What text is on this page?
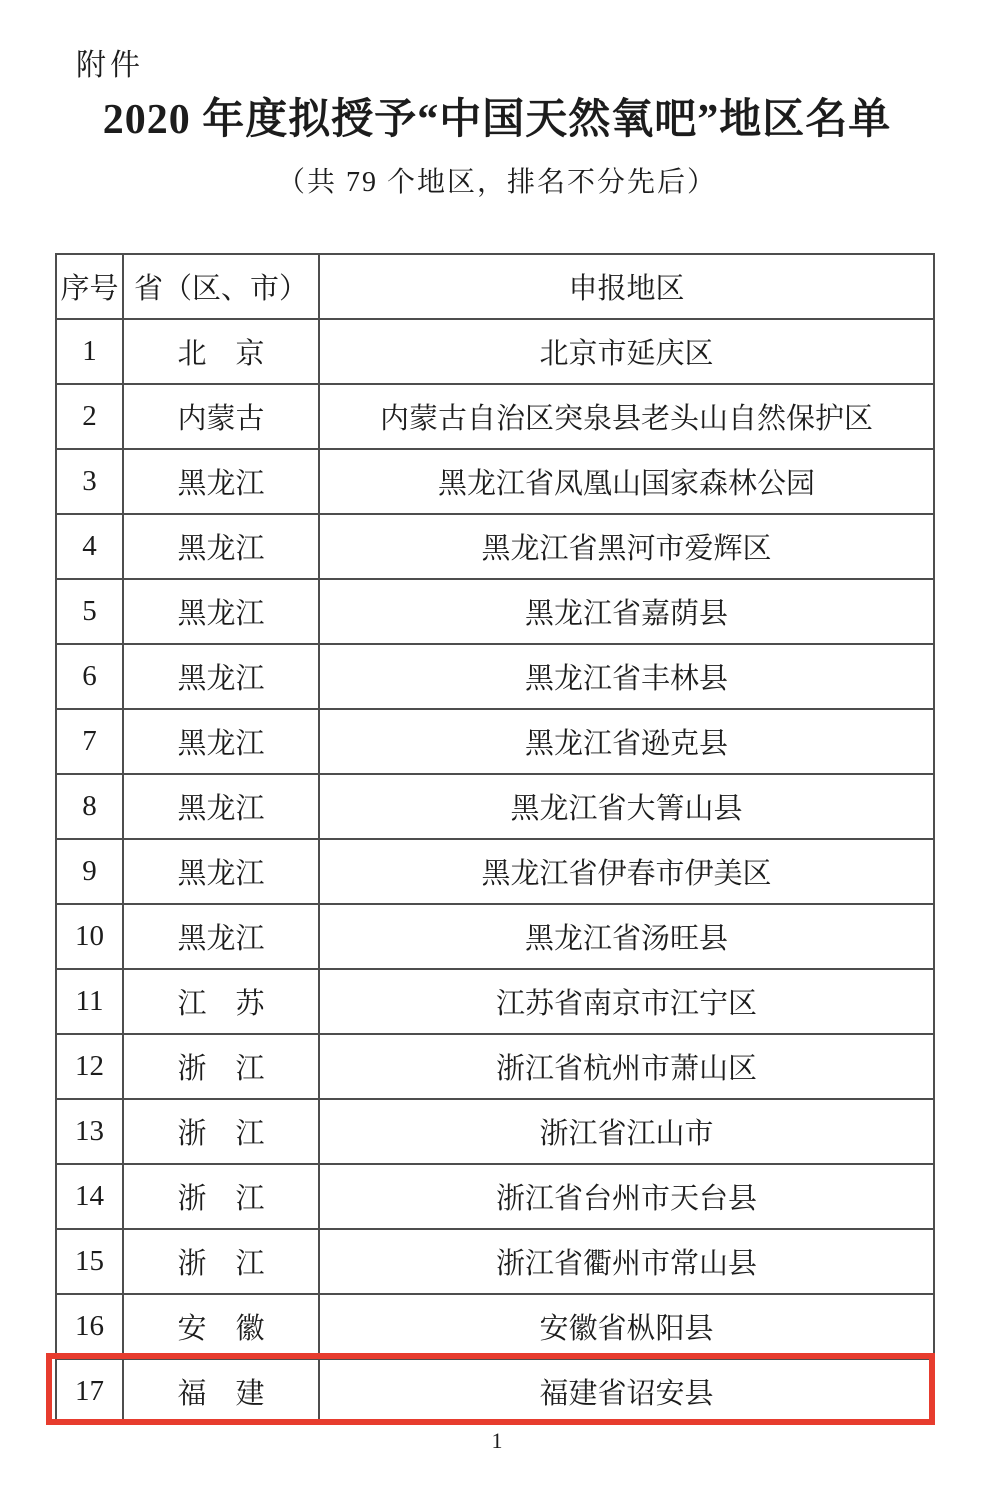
附件
2020 年度拟授予“中国天然氧吧”地区名单
（共 79 个地区，排名不分先后）
序号	省（区、市）	申报地区
1	北　京	北京市延庆区
2	内蒙古	内蒙古自治区突泉县老头山自然保护区
3	黑龙江	黑龙江省凤凰山国家森林公园
4	黑龙江	黑龙江省黑河市爱辉区
5	黑龙江	黑龙江省嘉荫县
6	黑龙江	黑龙江省丰林县
7	黑龙江	黑龙江省逊克县
8	黑龙江	黑龙江省大箐山县
9	黑龙江	黑龙江省伊春市伊美区
10	黑龙江	黑龙江省汤旺县
11	江　苏	江苏省南京市江宁区
12	浙　江	浙江省杭州市萧山区
13	浙　江	浙江省江山市
14	浙　江	浙江省台州市天台县
15	浙　江	浙江省衢州市常山县
16	安　徽	安徽省枞阳县
17	福　建	福建省诏安县
1
